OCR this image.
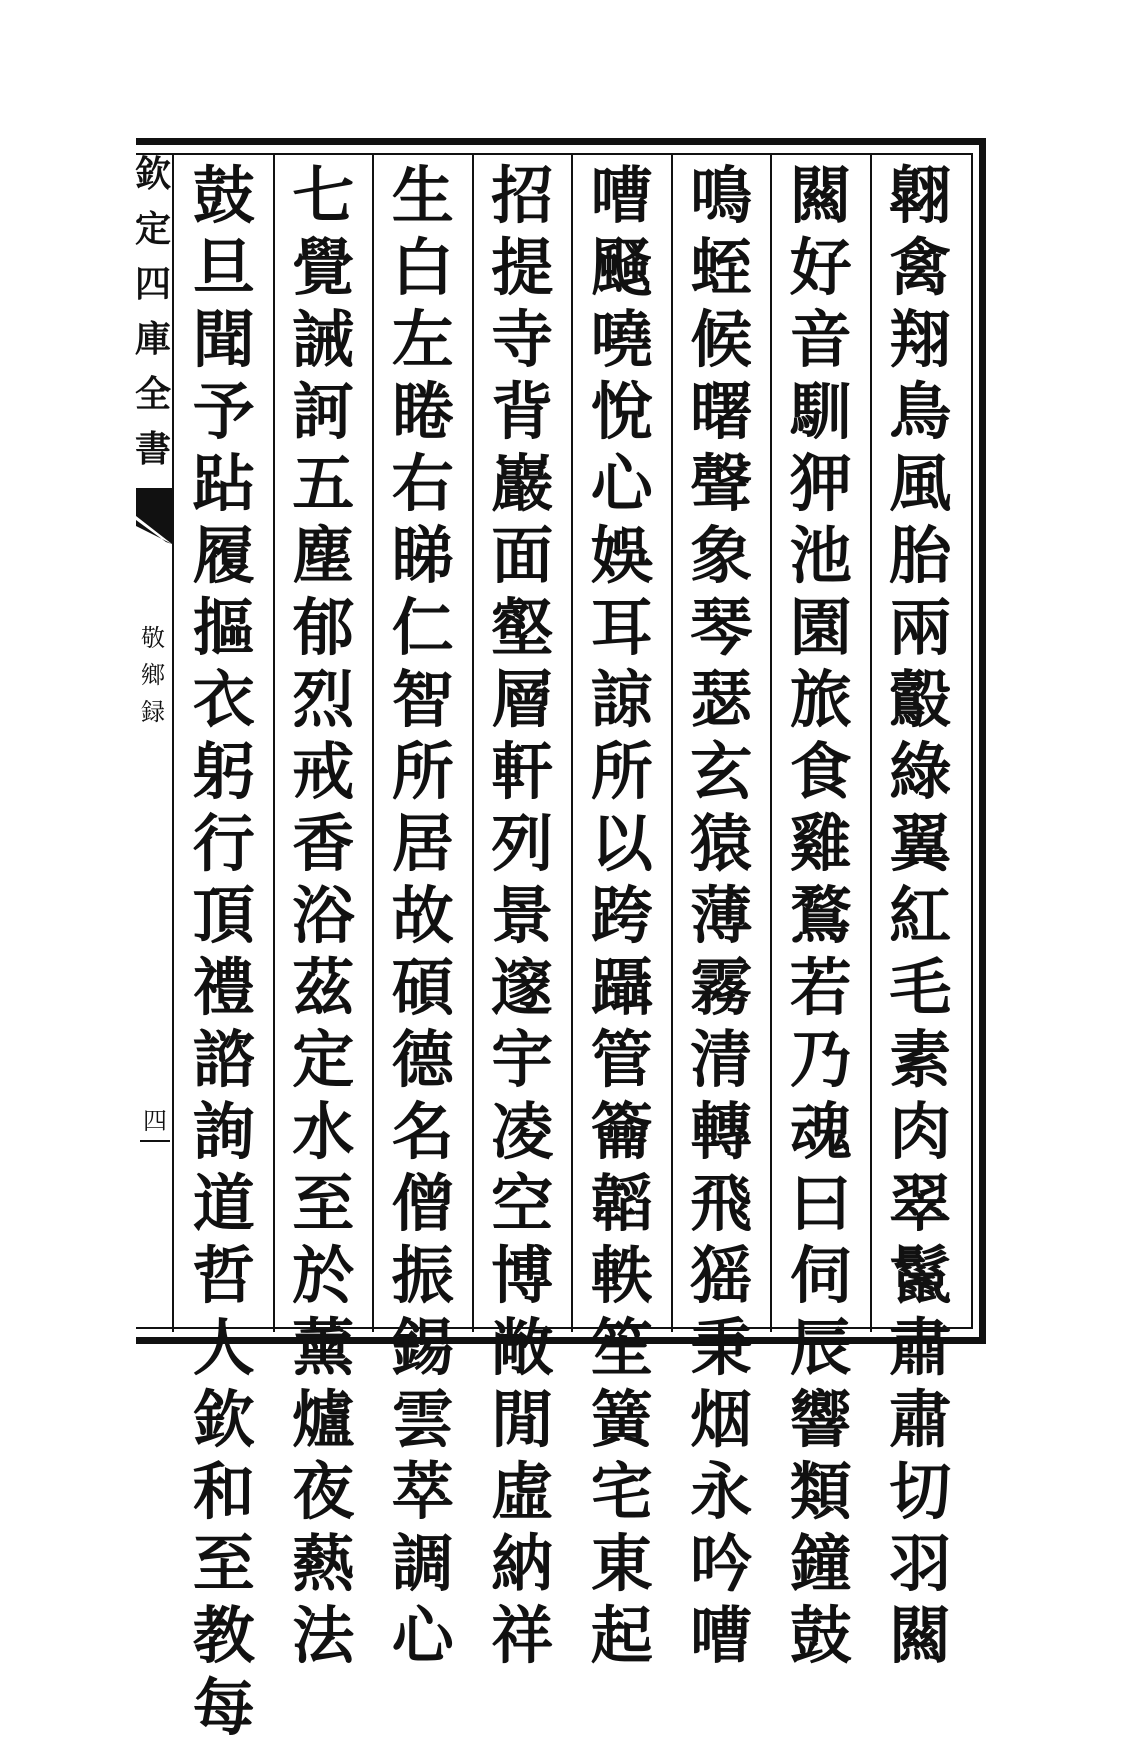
欽
定
四
庫
全
書
敬
鄉
録
四
翺
禽
翔
鳥
風
胎
兩
鷇
綠
翼
紅
毛
素
肉
翠
鬣
肅
肅
切
羽
闗
闗
好
音
馴
狎
池
園
旅
食
雞
鶩
若
乃
魂
曰
伺
辰
響
類
鐘
鼓
鳴
蛭
候
曙
聲
象
琴
瑟
玄
猿
薄
霧
清
轉
飛
猺
秉
烟
永
吟
嘈
嘈
颾
嘵
悅
心
娛
耳
諒
所
以
跨
躡
管
籥
韜
軼
笙
簧
宅
東
起
招
提
寺
背
巖
面
壑
層
軒
列
景
邃
宇
凌
空
博
敞
閒
虛
納
祥
生
白
左
睠
右
睇
仁
智
所
居
故
碩
德
名
僧
振
錫
雲
萃
調
心
七
覺
誡
訶
五
塵
郁
烈
戒
香
浴
茲
定
水
至
於
薰
爐
夜
爇
法
鼓
旦
聞
予
跕
履
摳
衣
躬
行
頂
禮
諮
詢
道
哲
人
欽
和
至
教
每
